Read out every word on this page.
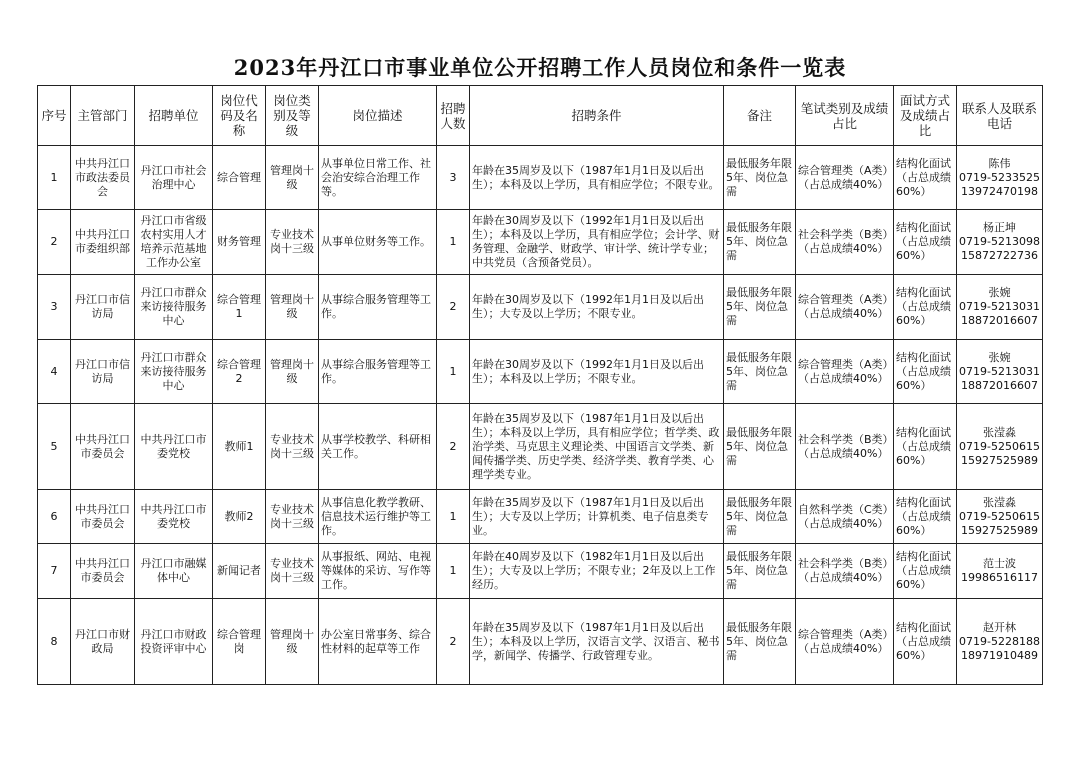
2023年丹江口市事业单位公开招聘工作人员岗位和条件一览表
序号	主管部门	招聘单位	岗位代码及名称	岗位类别及等级	岗位描述	招聘人数	招聘条件	备注	笔试类别及成绩占比	面试方式及成绩占比	联系人及联系电话
1	中共丹江口市政法委员会	丹江口市社会治理中心	综合管理	管理岗十级	从事单位日常工作、社会治安综合治理工作等。	3	年龄在35周岁及以下（1987年1月1日及以后出生）；本科及以上学历，具有相应学位；不限专业。	最低服务年限5年、岗位急需	综合管理类（A类）（占总成绩40%）	结构化面试（占总成绩60%）	陈伟
0719-5233525
13972470198

2	中共丹江口市委组织部	丹江口市省级农村实用人才培养示范基地工作办公室	财务管理	专业技术岗十三级	从事单位财务等工作。	1	年龄在30周岁及以下（1992年1月1日及以后出生）；本科及以上学历，具有相应学位；会计学、财务管理、金融学、财政学、审计学、统计学专业；中共党员（含预备党员）。	最低服务年限5年、岗位急需	社会科学类（B类）（占总成绩40%）	结构化面试（占总成绩60%）	杨正坤
0719-5213098
15872722736

3	丹江口市信访局	丹江口市群众来访接待服务中心	综合管理1	管理岗十级	从事综合服务管理等工作。	2	年龄在30周岁及以下（1992年1月1日及以后出生）；大专及以上学历；不限专业。	最低服务年限5年、岗位急需	综合管理类（A类）（占总成绩40%）	结构化面试（占总成绩60%）	张婉
0719-5213031
18872016607

4	丹江口市信访局	丹江口市群众来访接待服务中心	综合管理2	管理岗十级	从事综合服务管理等工作。	1	年龄在30周岁及以下（1992年1月1日及以后出生）；本科及以上学历；不限专业。	最低服务年限5年、岗位急需	综合管理类（A类）（占总成绩40%）	结构化面试（占总成绩60%）	张婉
0719-5213031
18872016607

5	中共丹江口市委员会	中共丹江口市委党校	教师1	专业技术岗十三级	从事学校教学、科研相关工作。	2	年龄在35周岁及以下（1987年1月1日及以后出生）；本科及以上学历，具有相应学位；哲学类、政治学类、马克思主义理论类、中国语言文学类、新闻传播学类、历史学类、经济学类、教育学类、心理学类专业。	最低服务年限5年、岗位急需	社会科学类（B类）（占总成绩40%）	结构化面试（占总成绩60%）	张滢淼
0719-5250615
15927525989

6	中共丹江口市委员会	中共丹江口市委党校	教师2	专业技术岗十三级	从事信息化教学教研、信息技术运行维护等工作。	1	年龄在35周岁及以下（1987年1月1日及以后出生）；大专及以上学历；计算机类、电子信息类专业。	最低服务年限5年、岗位急需	自然科学类（C类）（占总成绩40%）	结构化面试（占总成绩60%）	张滢淼
0719-5250615
15927525989

7	中共丹江口市委员会	丹江口市融媒体中心	新闻记者	专业技术岗十三级	从事报纸、网站、电视等媒体的采访、写作等工作。	1	年龄在40周岁及以下（1982年1月1日及以后出生）；大专及以上学历；不限专业；2年及以上工作经历。	最低服务年限5年、岗位急需	社会科学类（B类）（占总成绩40%）	结构化面试（占总成绩60%）	范士波
19986516117

8	丹江口市财政局	丹江口市财政投资评审中心	综合管理岗	管理岗十级	办公室日常事务、综合性材料的起草等工作	2	年龄在35周岁及以下（1987年1月1日及以后出生）；本科及以上学历，汉语言文学、汉语言、秘书学，新闻学、传播学、行政管理专业。	最低服务年限5年、岗位急需	综合管理类（A类）（占总成绩40%）	结构化面试（占总成绩60%）	赵开林
0719-5228188
18971910489
